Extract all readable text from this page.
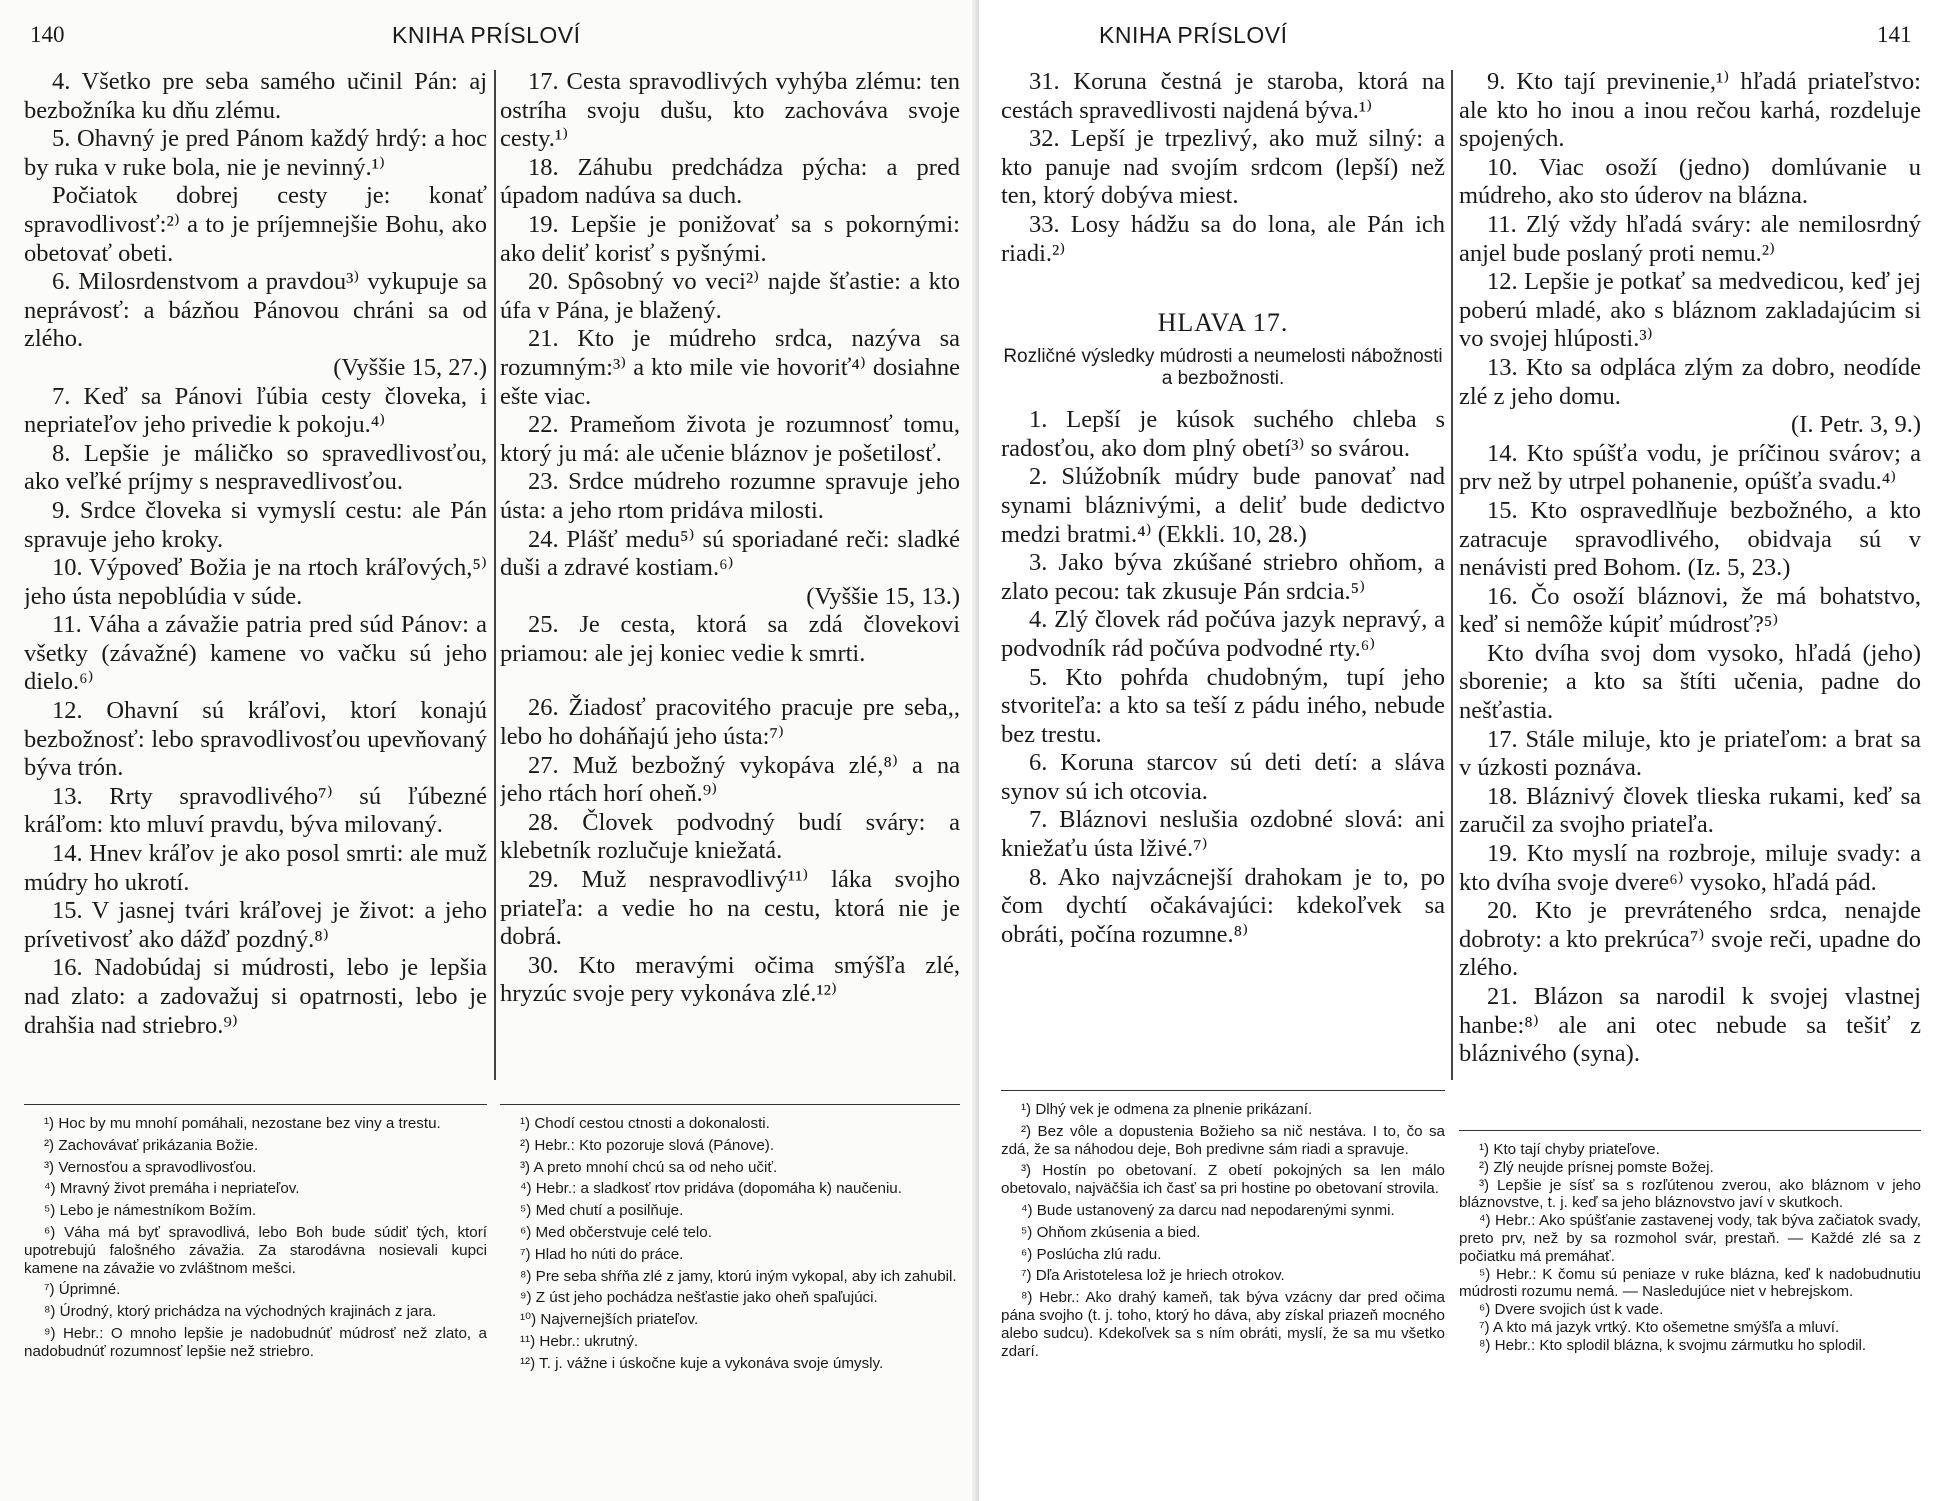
140	KNIHA PRÍSLOVÍ

4. Všetko pre seba samého učinil Pán: aj bezbožníka ku dňu zlému.

5. Ohavný je pred Pánom každý hrdý: a hoc by ruka v ruke bola, nie je nevinný.¹⁾

Počiatok dobrej cesty je: konať spravodlivosť:²⁾ a to je príjemnejšie Bohu, ako obetovať obeti.

6. Milosrdenstvom a pravdou³⁾ vykupuje sa neprávosť: a bázňou Pánovou chráni sa od zlého.

(Vyššie 15, 27.)

7. Keď sa Pánovi ľúbia cesty človeka, i nepriateľov jeho privedie k pokoju.⁴⁾

8. Lepšie je máličko so spravedlivosťou, ako veľké príjmy s nespravedlivosťou.

9. Srdce človeka si vymyslí cestu: ale Pán spravuje jeho kroky.

10. Výpoveď Božia je na rtoch kráľových,⁵⁾ jeho ústa nepoblúdia v súde.

11. Váha a závažie patria pred súd Pánov: a všetky (závažné) kamene vo vačku sú jeho dielo.⁶⁾

12. Ohavní sú kráľovi, ktorí konajú bezbožnosť: lebo spravodlivosťou upevňovaný býva trón.

13. Rrty spravodlivého⁷⁾ sú ľúbezné kráľom: kto mluví pravdu, býva milovaný.

14. Hnev kráľov je ako posol smrti: ale muž múdry ho ukrotí.

15. V jasnej tvári kráľovej je život: a jeho prívetivosť ako dážď pozdný.⁸⁾

16. Nadobúdaj si múdrosti, lebo je lepšia nad zlato: a zadovažuj si opatrnosti, lebo je drahšia nad striebro.⁹⁾

17. Cesta spravodlivých vyhýba zlému: ten ostríha svoju dušu, kto zachováva svoje cesty.¹⁾

18. Záhubu predchádza pýcha: a pred úpadom nadúva sa duch.

19. Lepšie je ponižovať sa s pokornými: ako deliť korisť s pyšnými.

20. Spôsobný vo veci²⁾ najde šťastie: a kto úfa v Pána, je blažený.

21. Kto je múdreho srdca, nazýva sa rozumným:³⁾ a kto mile vie hovoriť⁴⁾ dosiahne ešte viac.

22. Prameňom života je rozumnosť tomu, ktorý ju má: ale učenie bláznov je pošetilosť.

23. Srdce múdreho rozumne spravuje jeho ústa: a jeho rtom pridáva milosti.

24. Plášť medu⁵⁾ sú sporiadané reči: sladké duši a zdravé kostiam.⁶⁾

(Vyššie 15, 13.)

25. Je cesta, ktorá sa zdá človekovi priamou: ale jej koniec vedie k smrti.

26. Žiadosť pracovitého pracuje pre seba,, lebo ho doháňajú jeho ústa:⁷⁾

27. Muž bezbožný vykopáva zlé,⁸⁾ a na jeho rtách horí oheň.⁹⁾

28. Človek podvodný budí sváry: a klebetník rozlučuje kniežatá.

29. Muž nespravodlivý¹¹⁾ láka svojho priateľa: a vedie ho na cestu, ktorá nie je dobrá.

30. Kto meravými očima smýšľa zlé, hryzúc svoje pery vykonáva zlé.¹²⁾

¹) Hoc by mu mnohí pomáhali, nezostane bez viny a trestu.

²) Zachovávať prikázania Božie.

³) Vernosťou a spravodlivosťou.

⁴) Mravný život premáha i nepriateľov.

⁵) Lebo je námestníkom Božím.

⁶) Váha má byť spravodlivá, lebo Boh bude súdiť tých, ktorí upotrebujú falošného závažia. Za starodávna nosievali kupci kamene na závažie vo zvláštnom mešci.

⁷) Úprimné.

⁸) Úrodný, ktorý prichádza na východných krajinách z jara.

⁹) Hebr.: O mnoho lepšie je nadobudnúť múdrosť než zlato, a nadobudnúť rozumnosť lepšie než striebro.

¹) Chodí cestou ctnosti a dokonalosti.

²) Hebr.: Kto pozoruje slová (Pánove).

³) A preto mnohí chcú sa od neho učiť.

⁴) Hebr.: a sladkosť rtov pridáva (dopomáha k) naučeniu.

⁵) Med chutí a posilňuje.

⁶) Med občerstvuje celé telo.

⁷) Hlad ho núti do práce.

⁸) Pre seba shŕňa zlé z jamy, ktorú iným vykopal, aby ich zahubil.

⁹) Z úst jeho pochádza nešťastie jako oheň spaľujúci.

¹⁰) Najvernejších priateľov.

¹¹) Hebr.: ukrutný.

¹²) T. j. vážne i úskočne kuje a vykonáva svoje úmysly.

KNIHA PRÍSLOVÍ	141

31. Koruna čestná je staroba, ktorá na cestách spravedlivosti najdená býva.¹⁾

32. Lepší je trpezlivý, ako muž silný: a kto panuje nad svojím srdcom (lepší) než ten, ktorý dobýva miest.

33. Losy hádžu sa do lona, ale Pán ich riadi.²⁾

HLAVA 17.
Rozličné výsledky múdrosti a neumelosti nábožnosti a bezbožnosti.

1. Lepší je kúsok suchého chleba s radosťou, ako dom plný obetí³⁾ so svárou.

2. Slúžobník múdry bude panovať nad synami bláznivými, a deliť bude dedictvo medzi bratmi.⁴⁾ (Ekkli. 10, 28.)

3. Jako býva zkúšané striebro ohňom, a zlato pecou: tak zkusuje Pán srdcia.⁵⁾

4. Zlý človek rád počúva jazyk nepravý, a podvodník rád počúva podvodné rty.⁶⁾

5. Kto pohŕda chudobným, tupí jeho stvoriteľa: a kto sa teší z pádu iného, nebude bez trestu.

6. Koruna starcov sú deti detí: a sláva synov sú ich otcovia.

7. Bláznovi neslušia ozdobné slová: ani kniežaťu ústa lživé.⁷⁾

8. Ako najvzácnejší drahokam je to, po čom dychtí očakávajúci: kdekoľvek sa obráti, počína rozumne.⁸⁾

9. Kto tají previnenie,¹⁾ hľadá priateľstvo: ale kto ho inou a inou rečou karhá, rozdeluje spojených.

10. Viac osoží (jedno) domlúvanie u múdreho, ako sto úderov na blázna.

11. Zlý vždy hľadá sváry: ale nemilosrdný anjel bude poslaný proti nemu.²⁾

12. Lepšie je potkať sa medvedicou, keď jej poberú mladé, ako s bláznom zakladajúcim si vo svojej hlúposti.³⁾

13. Kto sa odpláca zlým za dobro, neodíde zlé z jeho domu.

(I. Petr. 3, 9.)

14. Kto spúšťa vodu, je príčinou svárov; a prv než by utrpel pohanenie, opúšťa svadu.⁴⁾

15. Kto ospravedlňuje bezbožného, a kto zatracuje spravodlivého, obidvaja sú v nenávisti pred Bohom. (Iz. 5, 23.)

16. Čo osoží bláznovi, že má bohatstvo, keď si nemôže kúpiť múdrosť?⁵⁾

Kto dvíha svoj dom vysoko, hľadá (jeho) sborenie; a kto sa štíti učenia, padne do nešťastia.

17. Stále miluje, kto je priateľom: a brat sa v úzkosti poznáva.

18. Bláznivý človek tlieska rukami, keď sa zaručil za svojho priateľa.

19. Kto myslí na rozbroje, miluje svady: a kto dvíha svoje dvere⁶⁾ vysoko, hľadá pád.

20. Kto je prevráteného srdca, nenajde dobroty: a kto prekrúca⁷⁾ svoje reči, upadne do zlého.

21. Blázon sa narodil k svojej vlastnej hanbe:⁸⁾ ale ani otec nebude sa tešiť z bláznivého (syna).

¹) Dlhý vek je odmena za plnenie prikázaní.

²) Bez vôle a dopustenia Božieho sa nič nestáva. I to, čo sa zdá, že sa náhodou deje, Boh predivne sám riadi a spravuje.

³) Hostín po obetovaní. Z obetí pokojných sa len málo obetovalo, najväčšia ich časť sa pri hostine po obetovaní strovila.

⁴) Bude ustanovený za darcu nad nepodarenými synmi.

⁵) Ohňom zkúsenia a bied.

⁶) Poslúcha zlú radu.

⁷) Dľa Aristotelesa lož je hriech otrokov.

⁸) Hebr.: Ako drahý kameň, tak býva vzácny dar pred očima pána svojho (t. j. toho, ktorý ho dáva, aby získal priazeň mocného alebo sudcu). Kdekoľvek sa s ním obráti, myslí, že sa mu všetko zdarí.

¹) Kto tají chyby priateľove.

²) Zlý neujde prísnej pomste Božej.

³) Lepšie je sísť sa s rozľútenou zverou, ako bláznom v jeho bláznovstve, t. j. keď sa jeho bláznovstvo javí v skutkoch.

⁴) Hebr.: Ako spúšťanie zastavenej vody, tak býva začiatok svady, preto prv, než by sa rozmohol svár, prestaň. — Každé zlé sa z počiatku má premáhať.

⁵) Hebr.: K čomu sú peniaze v ruke blázna, keď k nadobudnutiu múdrosti rozumu nemá. — Nasledujúce niet v hebrejskom.

⁶) Dvere svojich úst k vade.

⁷) A kto má jazyk vrtký. Kto ošemetne smýšľa a mluví.

⁸) Hebr.: Kto splodil blázna, k svojmu zármutku ho splodil.
